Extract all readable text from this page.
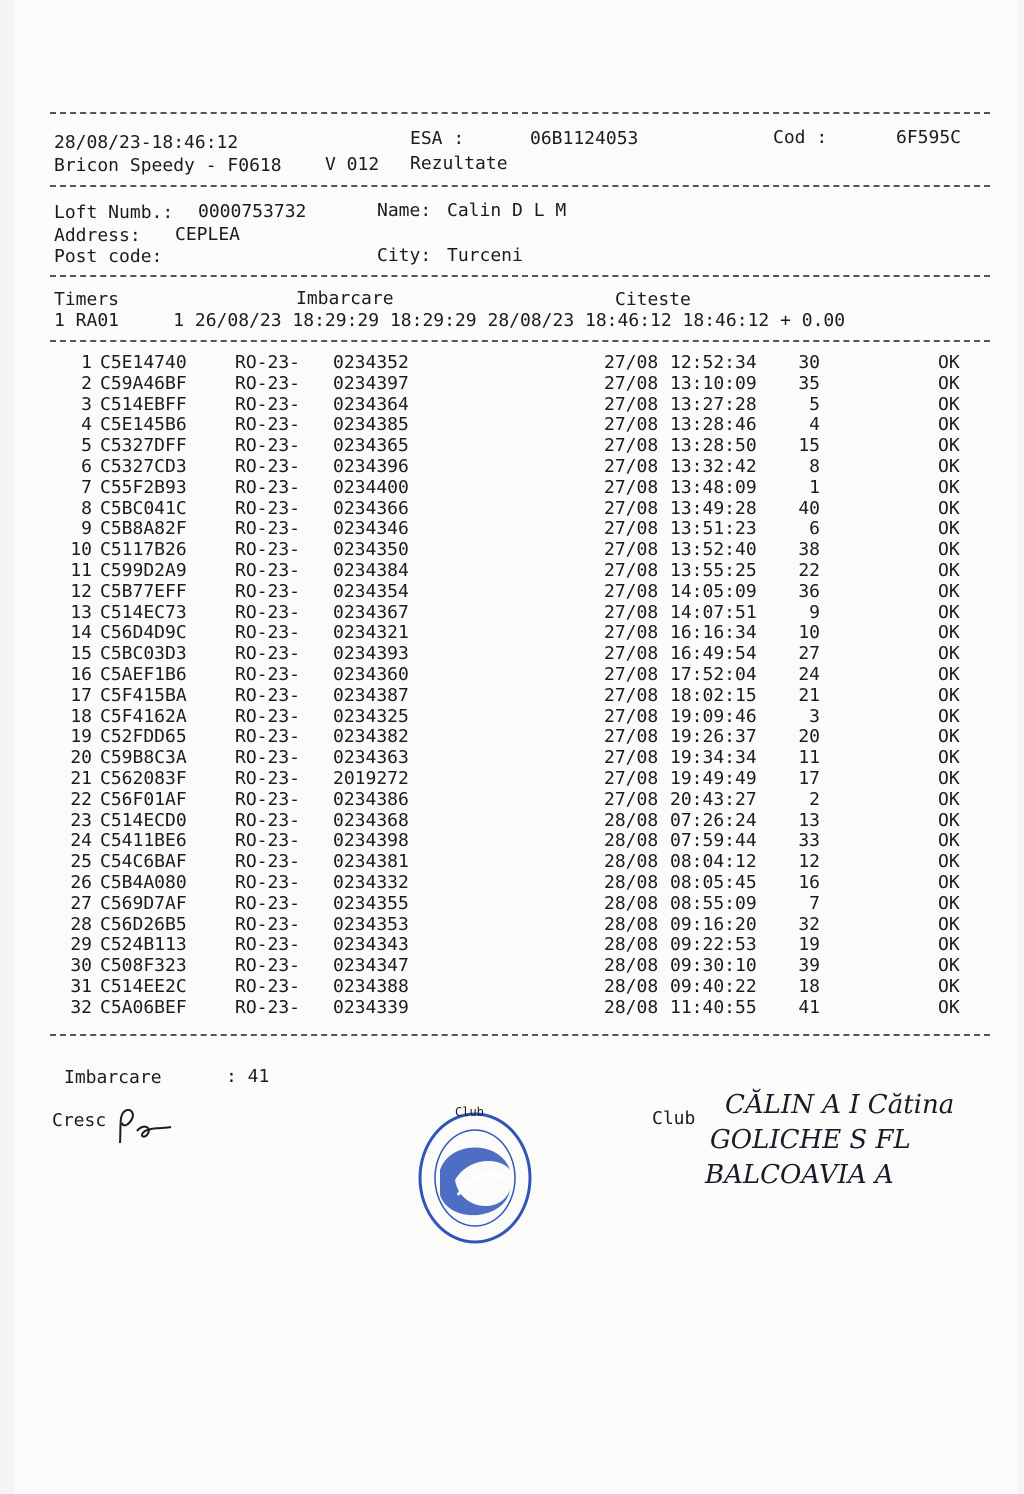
28/08/23-18:46:12	ESA :	06B1124053	Cod :	6F595C
Bricon Speedy - F0618 V 012 Rezultate
Loft Numb.: 0000753732	Name: Calin D L M
Address: CEPLEA
Post code:	City: Turceni
Timers	Imbarcare	Citeste
1 RA01     1 26/08/23 18:29:29 18:29:29 28/08/23 18:46:12 18:46:12 + 0.00
1 C5E14740	RO-23- 0234352	27/08 12:52:34	30	OK
2 C59A46BF	RO-23- 0234397	27/08 13:10:09	35	OK
3 C514EBFF	RO-23- 0234364	27/08 13:27:28	5	OK
4 C5E145B6	RO-23- 0234385	27/08 13:28:46	4	OK
5 C5327DFF	RO-23- 0234365	27/08 13:28:50	15	OK
6 C5327CD3	RO-23- 0234396	27/08 13:32:42	8	OK
7 C55F2B93	RO-23- 0234400	27/08 13:48:09	1	OK
8 C5BC041C	RO-23- 0234366	27/08 13:49:28	40	OK
9 C5B8A82F	RO-23- 0234346	27/08 13:51:23	6	OK
10 C5117B26	RO-23- 0234350	27/08 13:52:40	38	OK
11 C599D2A9	RO-23- 0234384	27/08 13:55:25	22	OK
12 C5B77EFF	RO-23- 0234354	27/08 14:05:09	36	OK
13 C514EC73	RO-23- 0234367	27/08 14:07:51	9	OK
14 C56D4D9C	RO-23- 0234321	27/08 16:16:34	10	OK
15 C5BC03D3	RO-23- 0234393	27/08 16:49:54	27	OK
16 C5AEF1B6	RO-23- 0234360	27/08 17:52:04	24	OK
17 C5F415BA	RO-23- 0234387	27/08 18:02:15	21	OK
18 C5F4162A	RO-23- 0234325	27/08 19:09:46	3	OK
19 C52FDD65	RO-23- 0234382	27/08 19:26:37	20	OK
20 C59B8C3A	RO-23- 0234363	27/08 19:34:34	11	OK
21 C562083F	RO-23- 2019272	27/08 19:49:49	17	OK
22 C56F01AF	RO-23- 0234386	27/08 20:43:27	2	OK
23 C514ECD0	RO-23- 0234368	28/08 07:26:24	13	OK
24 C5411BE6	RO-23- 0234398	28/08 07:59:44	33	OK
25 C54C6BAF	RO-23- 0234381	28/08 08:04:12	12	OK
26 C5B4A080	RO-23- 0234332	28/08 08:05:45	16	OK
27 C569D7AF	RO-23- 0234355	28/08 08:55:09	7	OK
28 C56D26B5	RO-23- 0234353	28/08 09:16:20	32	OK
29 C524B113	RO-23- 0234343	28/08 09:22:53	19	OK
30 C508F323	RO-23- 0234347	28/08 09:30:10	39	OK
31 C514EE2C	RO-23- 0234388	28/08 09:40:22	18	OK
32 C5A06BEF	RO-23- 0234339	28/08 11:40:55	41	OK
Imbarcare	: 41
Cresc	Club
Club	CĂLIN A I Cătina
GOLICHE S FL
BALCOAVIA A
